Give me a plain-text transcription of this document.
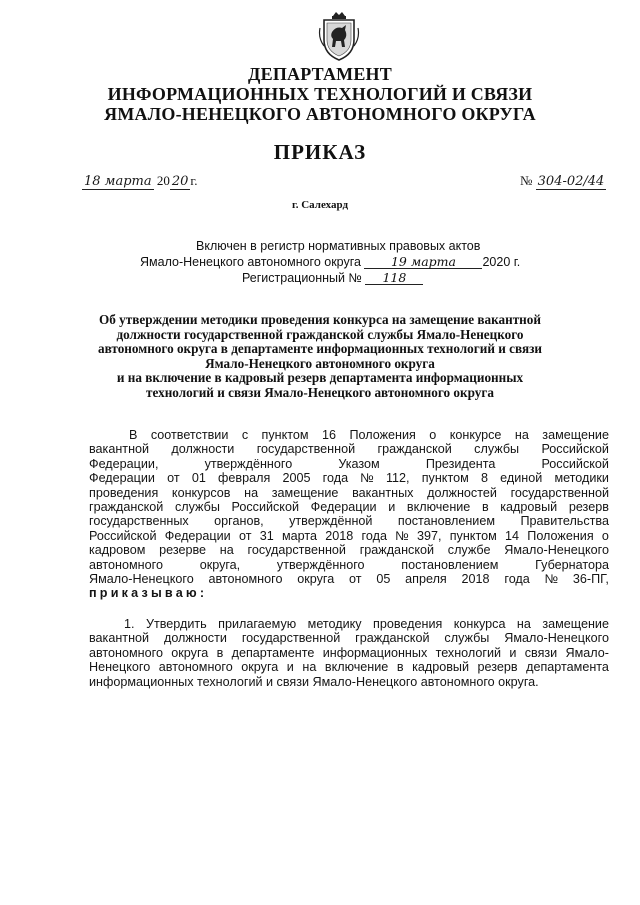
ДЕПАРТАМЕНТ
ИНФОРМАЦИОННЫХ ТЕХНОЛОГИЙ И СВЯЗИ
ЯМАЛО-НЕНЕЦКОГО АВТОНОМНОГО ОКРУГА
ПРИКАЗ
18 марта 20 20 г.	№ 304-02/44
г. Салехард
Включен в регистр нормативных правовых актов
Ямало-Ненецкого автономного округа 19 марта 2020 г.
Регистрационный № 118
Об утверждении методики проведения конкурса на замещение вакантной
должности государственной гражданской службы Ямало-Ненецкого
автономного округа в департаменте информационных технологий и связи
Ямало-Ненецкого автономного округа
и на включение в кадровый резерв департамента информационных
технологий и связи Ямало-Ненецкого автономного округа
В соответствии с пунктом 16 Положения о конкурсе на замещение
вакантной должности государственной гражданской службы Российской
Федерации,	утверждённого	Указом	Президента	Российской
Федерации от 01 февраля 2005 года № 112, пунктом 8 единой методики
проведения конкурсов на замещение вакантных должностей государственной
гражданской службы Российской Федерации и включение в кадровый резерв
государственных органов, утверждённой постановлением Правительства
Российской Федерации от 31 марта 2018 года № 397, пунктом 14 Положения о
кадровом резерве на государственной гражданской службе Ямало-Ненецкого
автономного	округа,	утверждённого	постановлением	Губернатора
Ямало-Ненецкого автономного округа от 05 апреля 2018 года № 36-ПГ,
приказываю:
1. Утвердить прилагаемую методику проведения конкурса на замещение
вакантной должности государственной гражданской службы Ямало-Ненецкого
автономного округа в департаменте информационных технологий и связи Ямало-
Ненецкого автономного округа и на включение в кадровый резерв департамента
информационных технологий и связи Ямало-Ненецкого автономного округа.
